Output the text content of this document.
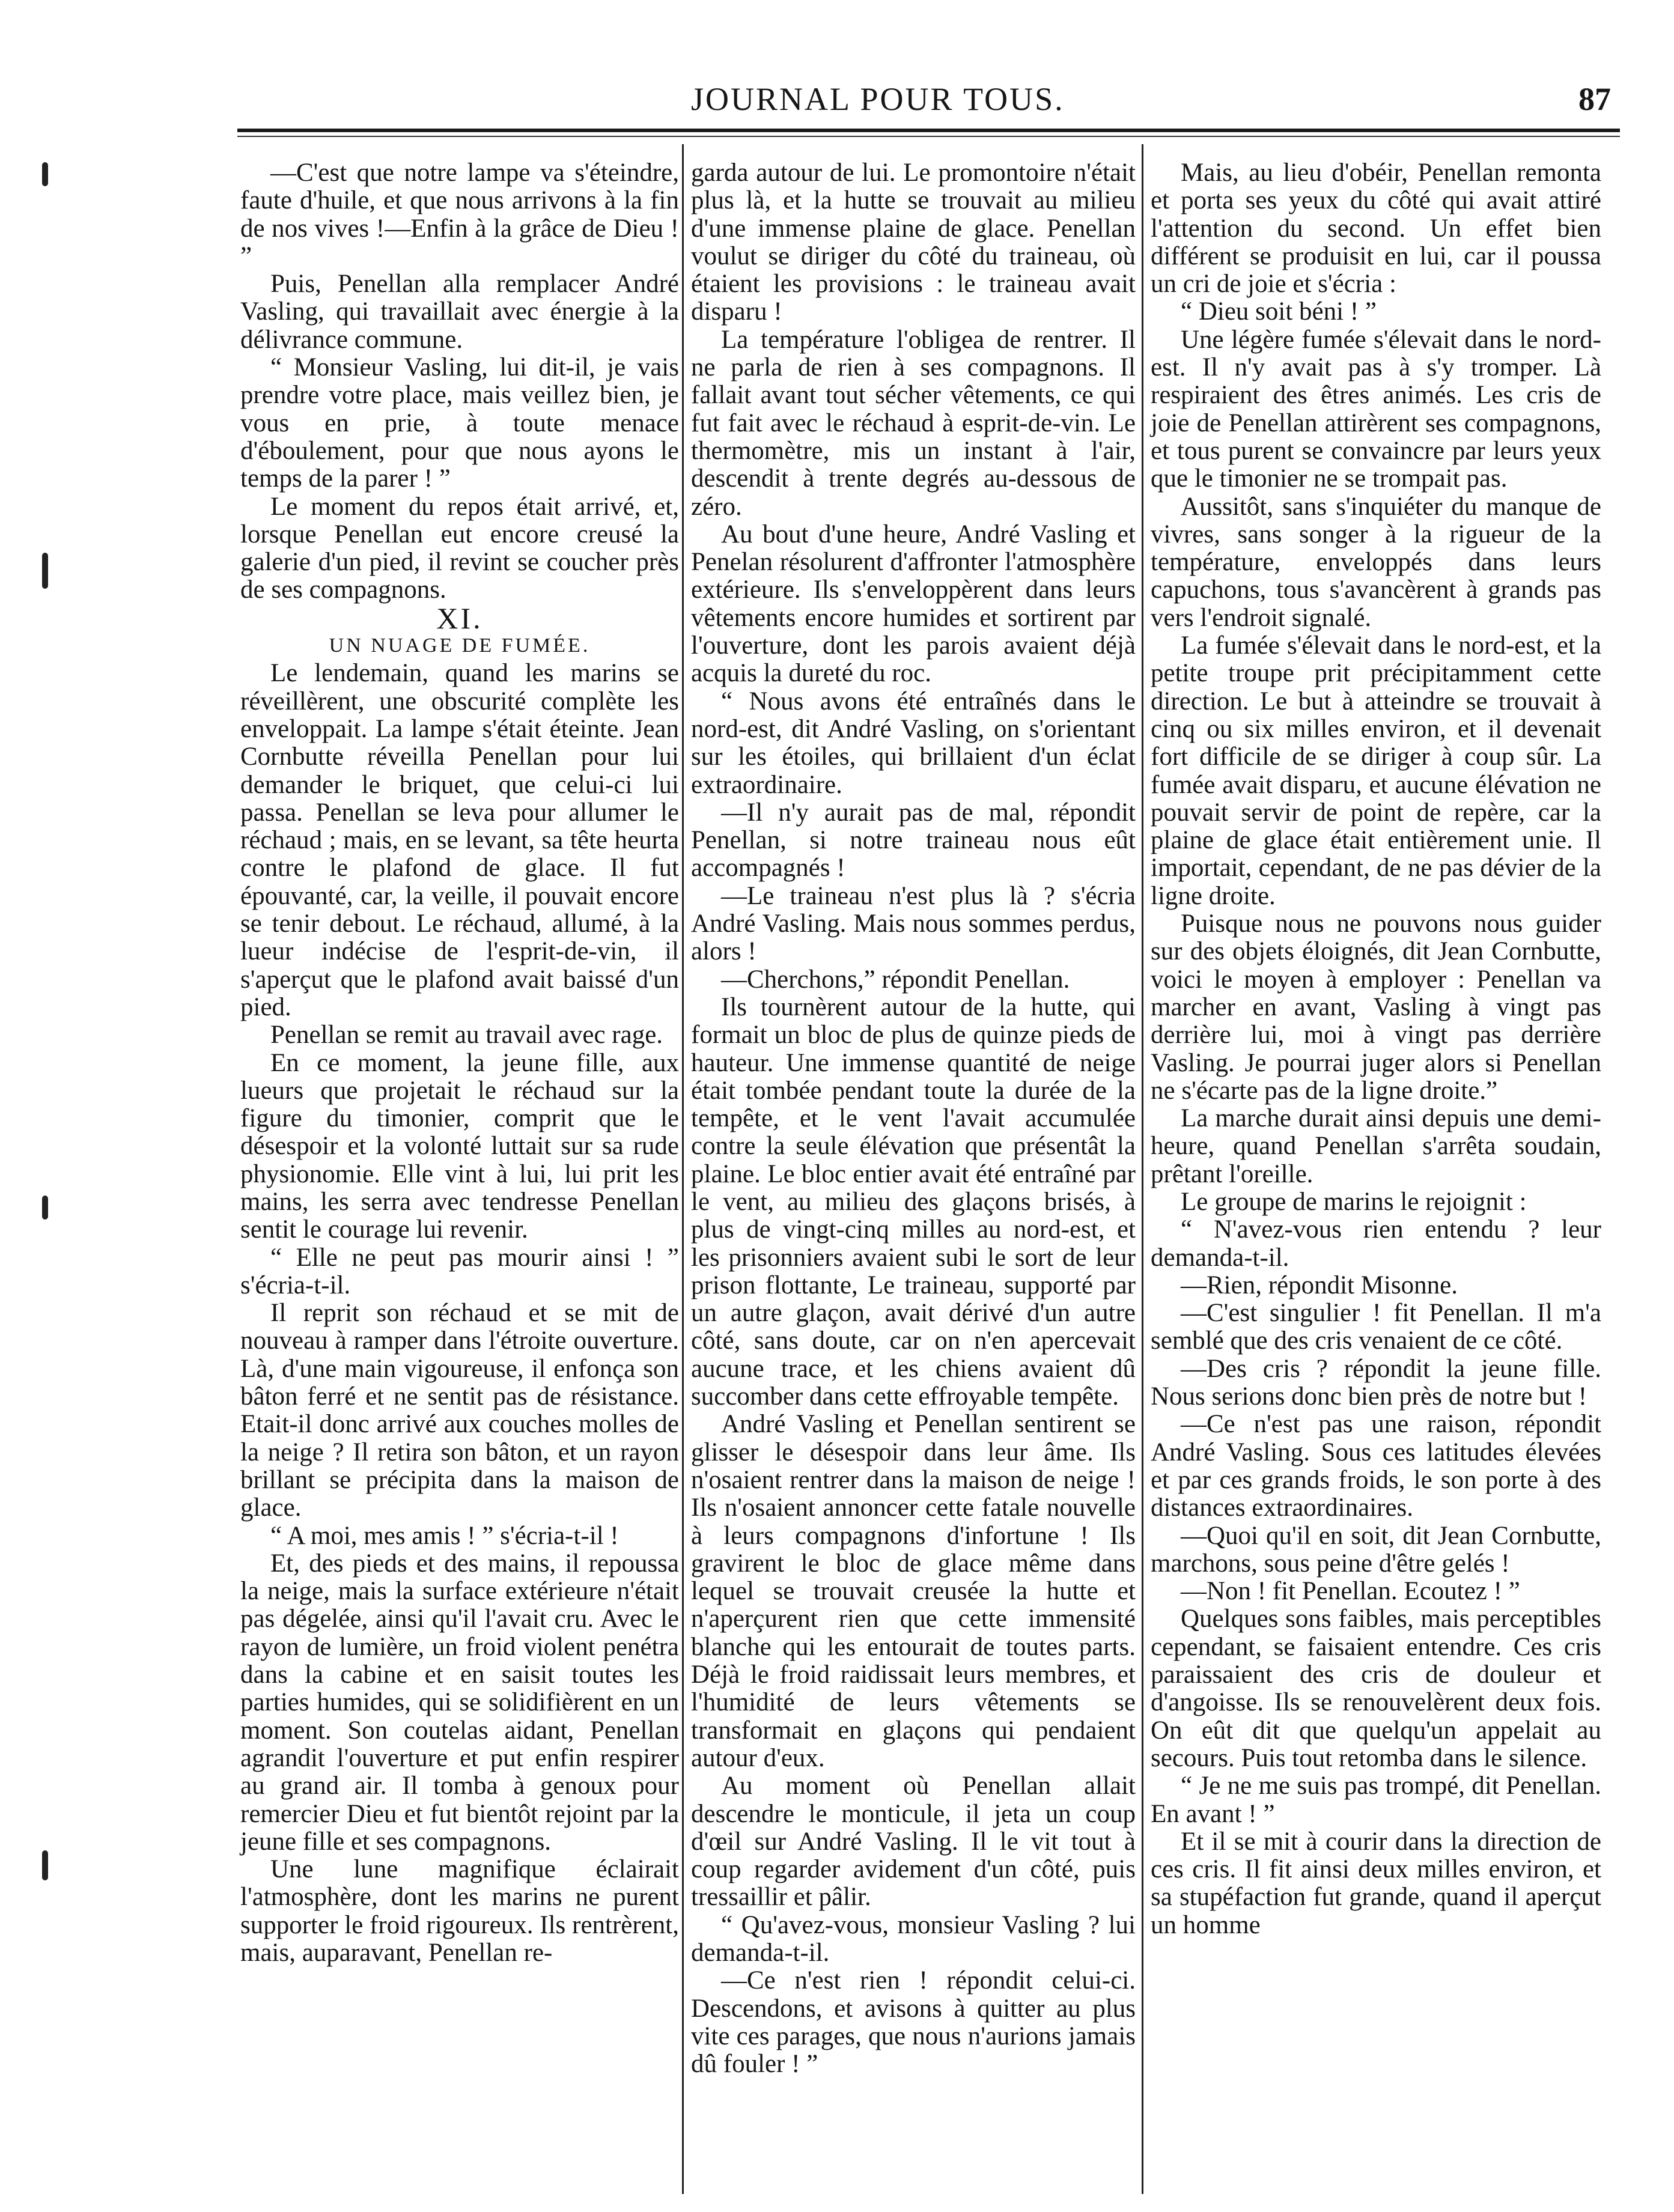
JOURNAL POUR TOUS.	87

—C'est que notre lampe va s'éteindre, faute d'huile, et que nous arrivons à la fin de nos vives !—Enfin à la grâce de Dieu ! ”

Puis, Penellan alla remplacer André Vasling, qui travaillait avec énergie à la délivrance commune.

“ Monsieur Vasling, lui dit-il, je vais prendre votre place, mais veillez bien, je vous en prie, à toute menace d'éboulement, pour que nous ayons le temps de la parer ! ”

Le moment du repos était arrivé, et, lorsque Penellan eut encore creusé la galerie d'un pied, il revint se coucher près de ses compagnons.

XI.

UN NUAGE DE FUMÉE.

Le lendemain, quand les marins se réveillèrent, une obscurité complète les enveloppait. La lampe s'était éteinte. Jean Cornbutte réveilla Penellan pour lui demander le briquet, que celui-ci lui passa. Penellan se leva pour allumer le réchaud ; mais, en se levant, sa tête heurta contre le plafond de glace. Il fut épouvanté, car, la veille, il pouvait encore se tenir debout. Le réchaud, allumé, à la lueur indécise de l'esprit-de-vin, il s'aperçut que le plafond avait baissé d'un pied.

Penellan se remit au travail avec rage.

En ce moment, la jeune fille, aux lueurs que projetait le réchaud sur la figure du timonier, comprit que le désespoir et la volonté luttait sur sa rude physionomie. Elle vint à lui, lui prit les mains, les serra avec tendresse Penellan sentit le courage lui revenir.

“ Elle ne peut pas mourir ainsi ! ” s'écria-t-il.

Il reprit son réchaud et se mit de nouveau à ramper dans l'étroite ouverture. Là, d'une main vigoureuse, il enfonça son bâton ferré et ne sentit pas de résistance. Etait-il donc arrivé aux couches molles de la neige ? Il retira son bâton, et un rayon brillant se précipita dans la maison de glace.

“ A moi, mes amis ! ” s'écria-t-il !

Et, des pieds et des mains, il repoussa la neige, mais la surface extérieure n'était pas dégelée, ainsi qu'il l'avait cru. Avec le rayon de lumière, un froid violent penétra dans la cabine et en saisit toutes les parties humides, qui se solidifièrent en un moment. Son coutelas aidant, Penellan agrandit l'ouverture et put enfin respirer au grand air. Il tomba à genoux pour remercier Dieu et fut bientôt rejoint par la jeune fille et ses compagnons.

Une lune magnifique éclairait l'atmosphère, dont les marins ne purent supporter le froid rigoureux. Ils rentrèrent, mais, auparavant, Penellan re-

garda autour de lui. Le promontoire n'était plus là, et la hutte se trouvait au milieu d'une immense plaine de glace. Penellan voulut se diriger du côté du traineau, où étaient les provisions : le traineau avait disparu !

La température l'obligea de rentrer. Il ne parla de rien à ses compagnons. Il fallait avant tout sécher vêtements, ce qui fut fait avec le réchaud à esprit-de-vin. Le thermomètre, mis un instant à l'air, descendit à trente degrés au-dessous de zéro.

Au bout d'une heure, André Vasling et Penelan résolurent d'affronter l'atmosphère extérieure. Ils s'enveloppèrent dans leurs vêtements encore humides et sortirent par l'ouverture, dont les parois avaient déjà acquis la dureté du roc.

“ Nous avons été entraînés dans le nord-est, dit André Vasling, on s'orientant sur les étoiles, qui brillaient d'un éclat extraordinaire.

—Il n'y aurait pas de mal, répondit Penellan, si notre traineau nous eût accompagnés !

—Le traineau n'est plus là ? s'écria André Vasling. Mais nous sommes perdus, alors !

—Cherchons,” répondit Penellan.

Ils tournèrent autour de la hutte, qui formait un bloc de plus de quinze pieds de hauteur. Une immense quantité de neige était tombée pendant toute la durée de la tempête, et le vent l'avait accumulée contre la seule élévation que présentât la plaine. Le bloc entier avait été entraîné par le vent, au milieu des glaçons brisés, à plus de vingt-cinq milles au nord-est, et les prisonniers avaient subi le sort de leur prison flottante, Le traineau, supporté par un autre glaçon, avait dérivé d'un autre côté, sans doute, car on n'en apercevait aucune trace, et les chiens avaient dû succomber dans cette effroyable tempête.

André Vasling et Penellan sentirent se glisser le désespoir dans leur âme. Ils n'osaient rentrer dans la maison de neige ! Ils n'osaient annoncer cette fatale nouvelle à leurs compagnons d'infortune ! Ils gravirent le bloc de glace même dans lequel se trouvait creusée la hutte et n'aperçurent rien que cette immensité blanche qui les entourait de toutes parts. Déjà le froid raidissait leurs membres, et l'humidité de leurs vêtements se transformait en glaçons qui pendaient autour d'eux.

Au moment où Penellan allait descendre le monticule, il jeta un coup d'œil sur André Vasling. Il le vit tout à coup regarder avidement d'un côté, puis tressaillir et pâlir.

“ Qu'avez-vous, monsieur Vasling ? lui demanda-t-il.

—Ce n'est rien ! répondit celui-ci. Descendons, et avisons à quitter au plus vite ces parages, que nous n'aurions jamais dû fouler ! ”

Mais, au lieu d'obéir, Penellan remonta et porta ses yeux du côté qui avait attiré l'attention du second. Un effet bien différent se produisit en lui, car il poussa un cri de joie et s'écria :

“ Dieu soit béni ! ”

Une légère fumée s'élevait dans le nord-est. Il n'y avait pas à s'y tromper. Là respiraient des êtres animés. Les cris de joie de Penellan attirèrent ses compagnons, et tous purent se convaincre par leurs yeux que le timonier ne se trompait pas.

Aussitôt, sans s'inquiéter du manque de vivres, sans songer à la rigueur de la température, enveloppés dans leurs capuchons, tous s'avancèrent à grands pas vers l'endroit signalé.

La fumée s'élevait dans le nord-est, et la petite troupe prit précipitamment cette direction. Le but à atteindre se trouvait à cinq ou six milles environ, et il devenait fort difficile de se diriger à coup sûr. La fumée avait disparu, et aucune élévation ne pouvait servir de point de repère, car la plaine de glace était entièrement unie. Il importait, cependant, de ne pas dévier de la ligne droite.

Puisque nous ne pouvons nous guider sur des objets éloignés, dit Jean Cornbutte, voici le moyen à employer : Penellan va marcher en avant, Vasling à vingt pas derrière lui, moi à vingt pas derrière Vasling. Je pourrai juger alors si Penellan ne s'écarte pas de la ligne droite.”

La marche durait ainsi depuis une demi-heure, quand Penellan s'arrêta soudain, prêtant l'oreille.

Le groupe de marins le rejoignit :

“ N'avez-vous rien entendu ? leur demanda-t-il.

—Rien, répondit Misonne.

—C'est singulier ! fit Penellan. Il m'a semblé que des cris venaient de ce côté.

—Des cris ? répondit la jeune fille. Nous serions donc bien près de notre but !

—Ce n'est pas une raison, répondit André Vasling. Sous ces latitudes élevées et par ces grands froids, le son porte à des distances extraordinaires.

—Quoi qu'il en soit, dit Jean Cornbutte, marchons, sous peine d'être gelés !

—Non ! fit Penellan. Ecoutez ! ”

Quelques sons faibles, mais perceptibles cependant, se faisaient entendre. Ces cris paraissaient des cris de douleur et d'angoisse. Ils se renouvelèrent deux fois. On eût dit que quelqu'un appelait au secours. Puis tout retomba dans le silence.

“ Je ne me suis pas trompé, dit Penellan. En avant ! ”

Et il se mit à courir dans la direction de ces cris. Il fit ainsi deux milles environ, et sa stupéfaction fut grande, quand il aperçut un homme
